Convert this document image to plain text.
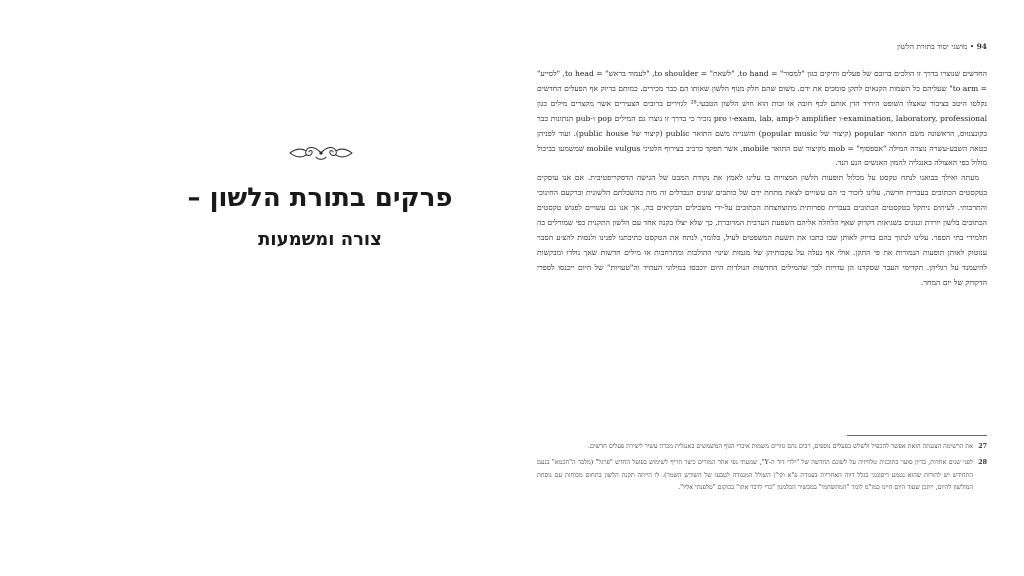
פרקים בתורת הלשון –
צורה ומשמעות
94 • מושגי יסוד בתורת הלשון

החדשים שנוצרו בדרך זו הולכים ברובם של פעלים ותיקים כגון "למסור" = to hand, "לשאת" = to shoulder, "לעמוד בראש" = to head, "לסייע" = to arm" שעליהם כל השמות הקנאים לתקן סומכים את ידם. משום שהם חלק מנוף הלשון שאותו הם כבר מכירים. כמותם בדיוק אף הפעלים החדשים נקלטו היטב בציבור שאצלו השופט היחיד הדן אותם לכף חובה או זכות הוא חוש הלשון הטבעי.²⁸ לגזירים ברובים הצעירים אשר מקצרים מילים כגון examination, laboratory, professional-ו amplifier ל-exam, lab, amp-ו pro נזכיר כי בדרך זו נוצרו גם המילים pop ו-pub הנתונות כבר בקונצנזוס, הראשונה משם התואר popular (קיצור של popular music) והשנייה משם התואר public (קיצור של public house). ועוד לפניהן בטאה השבע-עשרה נוצרה המילה "אספסוף" = mob מקיצור שם התואר mobile, אשר תפקד כרכיב בצירוף הלטיני mobile vulgus שמשמעו כביכול מולול בפי האצולה באנגליה להמון האנשים הנע הנד.

מעתה ואילך בבואנו לנתח טקסט על מכלול תופעות הלשון המצויות בו עלינו לאמץ את נקודת המבט של הגישה הדסקריפטיבית. אם אנו עוסקים בטקסטים הכתובים בעברית חדשה, עלינו לזכור כי הם עשויים לצאת מתחת ידם של כותבים שונים הנבדלים זה מזה בהשכלתם הלשונית וברקעם החינוכי והתרבותי. לעיתים ניתקל בטקסטים הכתובים בעברית ספרותית מתוצחצחת הכתובים על-ידי משכילים הבקיאים בה, אך אנו גם עשויים לפגוש טקסטים הכתובים בלשון יורדת וגנונים בשגיאות דקדוק שאף הלחלה אליהם השפעת הערבית המדוברת, כך שלא יצלו בקנה אחד עם הלשון התקנית כפי שמורלים בה תלמידי בתי הספר. עלינו לנתוך בהם בדיוק לאותן שבו בתכו את תשעת המשפטים לעיל, כלומר, לנתח את הטקסט כתיבתנו לפנינו ולנסות להצ׳ע הסבר ענוטוק לאותן תופעות הנמורות את פי התקן. אולי אף נעלה על עקבותיהן של מגמות שינוי ההולכות ומתרחבות או מילים חדשות שאך נולדו ומבקשות להיעמנד על רגליהן. תקדימי העבר שסקרנו הן עדויות לכך שהמילים החדשות הנולדות היום יוכבסו במילוני העתיד וה"טעויות" של היום ייכנסו לספרי הדקדוק של יום המחר.

27
את הרשימה הצגנתה הזאת אפשר להכפיל ולשלש בפעלים נוספים, רבים נהם גזורים משמות איברי הגוף המשמשים באנגלית מכרה עשיר ליצירת פעלים חדשים.
28
לפני שנים אחדות, בדיון סוער בתוכנית טלוויזיה על לשונם החדשה של "ילדי דור ה-Y", שמעתי נפי אחד המורים כיצר חריף לשימוש בפועל החדש "פרגל" (מלבד ה"חכמא" בנעם התחידש יש להורות שהוא נטמע דיסונגגי בגלל דווה האחריות בעגודת פ"א וקי"ן השולל המנגודה לטבעו של השורש השמר). לו הייתה תקנת הלשון בתחום מכוחות עם נוסחת המולשון להיום, ייתכן שעוד היום היינו כמו"מ לומר "המתשחמי" במכשיר הכלמנון "כדי לדבר אתו" בכוקום "טלפנתי אליו".
